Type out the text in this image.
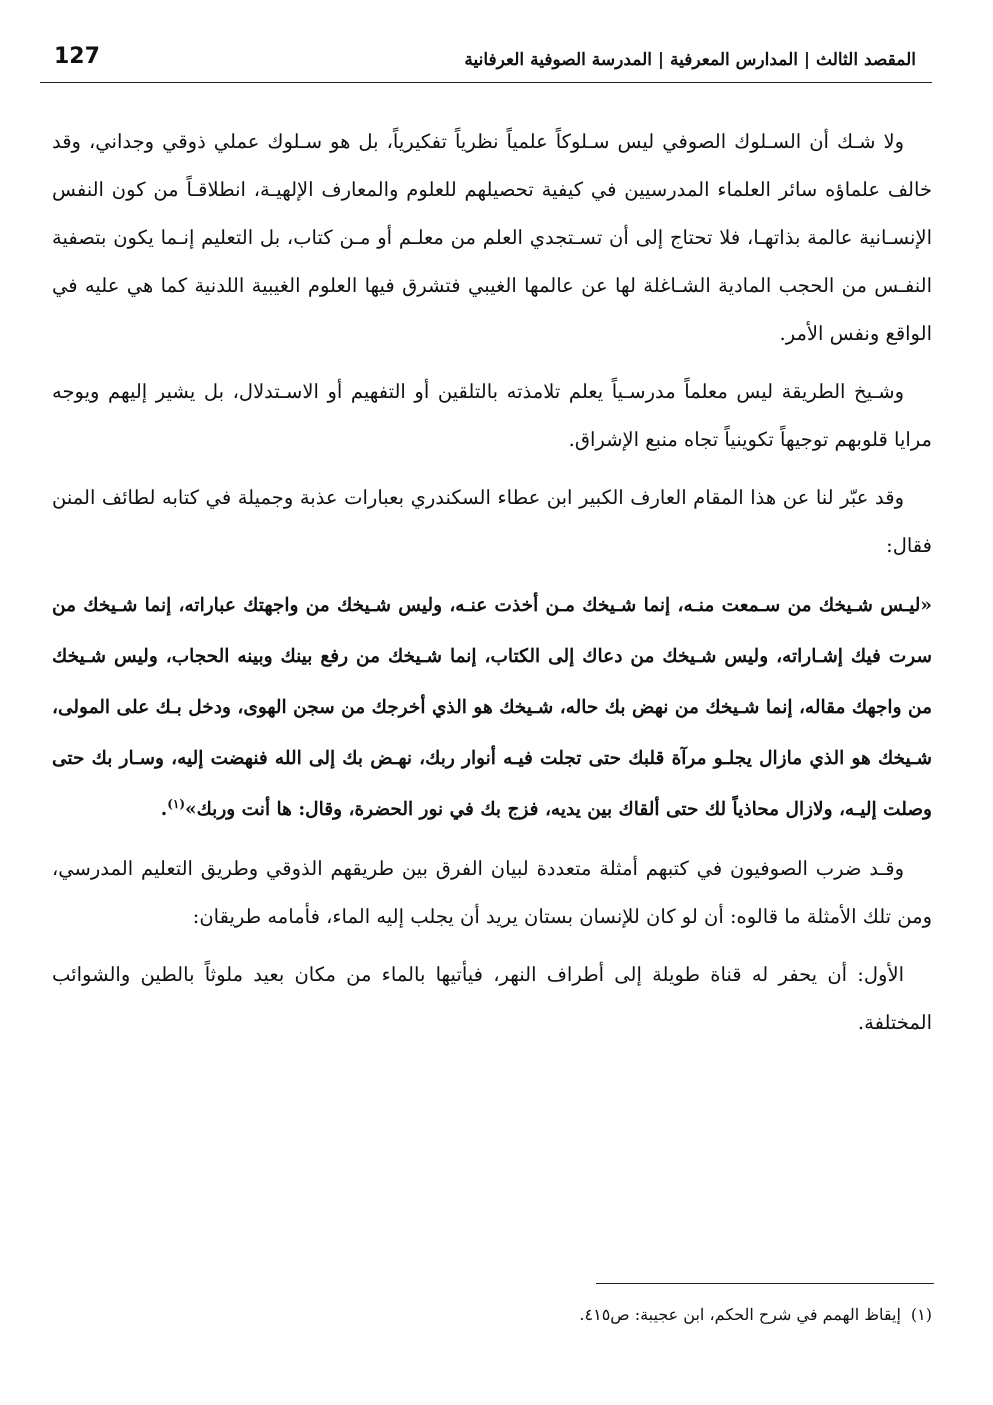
127	المقصد الثالث | المدارس المعرفية | المدرسة الصوفية العرفانية

ولا شـك أن السـلوك الصوفي ليس سـلوكاً علمياً نظرياً تفكيرياً، بل هو سـلوك عملي ذوقي وجداني، وقد خالف علماؤه سائر العلماء المدرسيين في كيفية تحصيلهم للعلوم والمعارف الإلهيـة، انطلاقـاً من كون النفس الإنسـانية عالمة بذاتهـا، فلا تحتاج إلى أن تسـتجدي العلم من معلـم أو مـن كتاب، بل التعليم إنـما يكون بتصفية النفـس من الحجب المادية الشـاغلة لها عن عالمها الغيبي فتشرق فيها العلوم الغيبية اللدنية كما هي عليه في الواقع ونفس الأمر.

وشـيخ الطريقة ليس معلماً مدرسـياً يعلم تلامذته بالتلقين أو التفهيم أو الاسـتدلال، بل يشير إليهم ويوجه مرايا قلوبهم توجيهاً تكوينياً تجاه منبع الإشراق.

وقد عبّر لنا عن هذا المقام العارف الكبير ابن عطاء السكندري بعبارات عذبة وجميلة في كتابه لطائف المنن فقال:

«ليـس شـيخك من سـمعت منـه، إنما شـيخك مـن أخذت عنـه، وليس شـيخك من واجهتك عباراته، إنما شـيخك من سرت فيك إشـاراته، وليس شـيخك من دعاك إلى الكتاب، إنما شـيخك من رفع بينك وبينه الحجاب، وليس شـيخك من واجهك مقاله، إنما شـيخك من نهض بك حاله، شـيخك هو الذي أخرجك من سجن الهوى، ودخل بـك على المولى، شـيخك هو الذي مازال يجلـو مرآة قلبك حتى تجلت فيـه أنوار ربك، نهـض بك إلى الله فنهضت إليه، وسـار بك حتى وصلت إليـه، ولازال محاذياً لك حتى ألقاك بين يديه، فزج بك في نور الحضرة، وقال: ها أنت وربك»$^{(١)}$.

وقـد ضرب الصوفيون في كتبهم أمثلة متعددة لبيان الفرق بين طريقهم الذوقي وطريق التعليم المدرسي، ومن تلك الأمثلة ما قالوه: أن لو كان للإنسان بستان يريد أن يجلب إليه الماء، فأمامه طريقان:

الأول: أن يحفر له قناة طويلة إلى أطراف النهر، فيأتيها بالماء من مكان بعيد ملوثاً بالطين والشوائب المختلفة.

(١)إيقاظ الهمم في شرح الحكم، ابن عجيبة: ص٤١٥.
